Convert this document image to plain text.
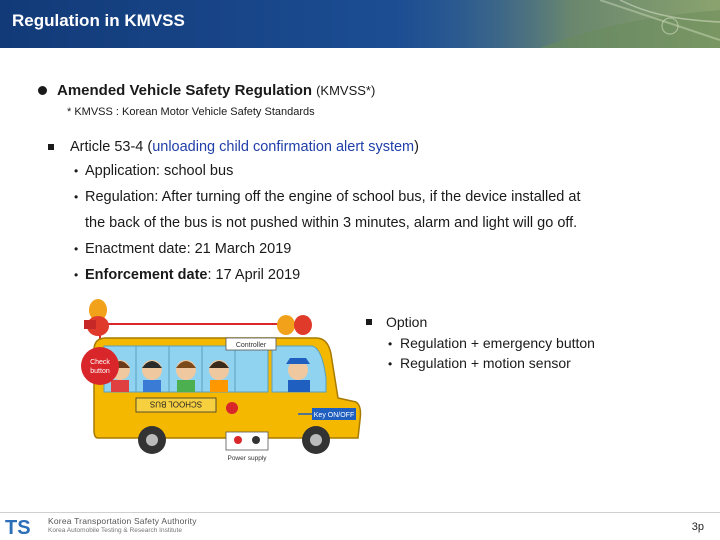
Regulation in KMVSS
Amended Vehicle Safety Regulation (KMVSS*)
* KMVSS : Korean Motor Vehicle Safety Standards
Article 53-4 ( unloading child confirmation alert system )
• Application: school bus
• Regulation: After turning off the engine of school bus, if the device installed at
the back of the bus is not pushed within 3 minutes, alarm and light will go off.
• Enactment date: 21 March 2019
• Enforcement date: 17 April 2019
Option
• Regulation + emergency button
• Regulation + motion sensor
Controller
SCHOOL BUS
Check
button
Key ON/OFF
Power supply
TS Korea Transportation Safety Authority
Korea Automobile Testing & Research Institute	3p
